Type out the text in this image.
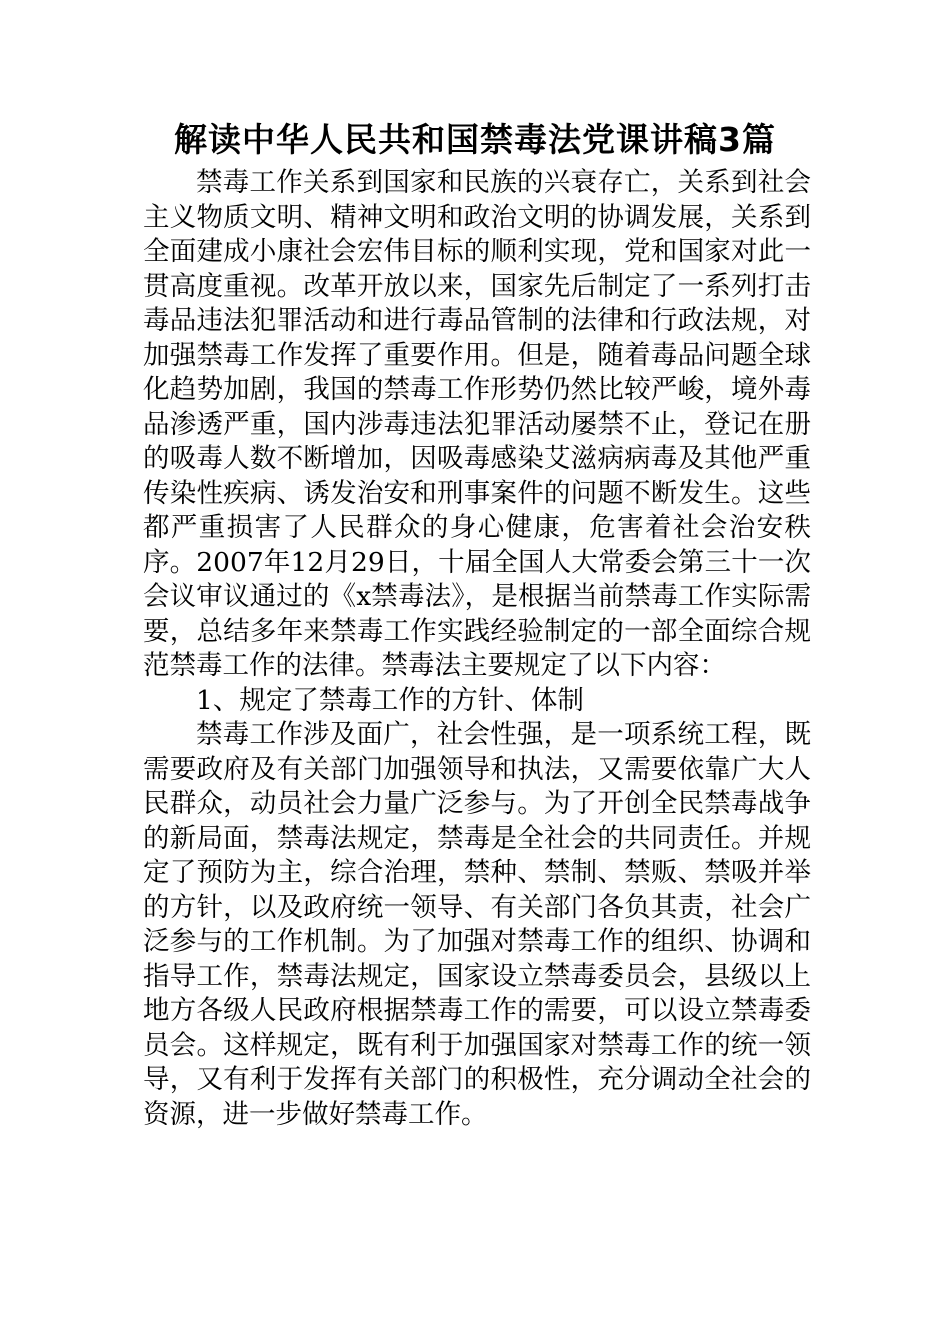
解读中华人民共和国禁毒法党课讲稿3篇

禁毒工作关系到国家和民族的兴衰存亡，关系到社会主义物质文明、精神文明和政治文明的协调发展，关系到全面建成小康社会宏伟目标的顺利实现，党和国家对此一贯高度重视。改革开放以来，国家先后制定了一系列打击毒品违法犯罪活动和进行毒品管制的法律和行政法规，对加强禁毒工作发挥了重要作用。但是，随着毒品问题全球化趋势加剧，我国的禁毒工作形势仍然比较严峻，境外毒品渗透严重，国内涉毒违法犯罪活动屡禁不止，登记在册的吸毒人数不断增加，因吸毒感染艾滋病病毒及其他严重传染性疾病、诱发治安和刑事案件的问题不断发生。这些都严重损害了人民群众的身心健康，危害着社会治安秩序。2007年12月29日，十届全国人大常委会第三十一次会议审议通过的《x禁毒法》，是根据当前禁毒工作实际需要，总结多年来禁毒工作实践经验制定的一部全面综合规范禁毒工作的法律。禁毒法主要规定了以下内容：

1、规定了禁毒工作的方针、体制

禁毒工作涉及面广，社会性强，是一项系统工程，既需要政府及有关部门加强领导和执法，又需要依靠广大人民群众，动员社会力量广泛参与。为了开创全民禁毒战争的新局面，禁毒法规定，禁毒是全社会的共同责任。并规定了预防为主，综合治理，禁种、禁制、禁贩、禁吸并举的方针，以及政府统一领导、有关部门各负其责，社会广泛参与的工作机制。为了加强对禁毒工作的组织、协调和指导工作，禁毒法规定，国家设立禁毒委员会，县级以上地方各级人民政府根据禁毒工作的需要，可以设立禁毒委员会。这样规定，既有利于加强国家对禁毒工作的统一领导，又有利于发挥有关部门的积极性，充分调动全社会的资源，进一步做好禁毒工作。
